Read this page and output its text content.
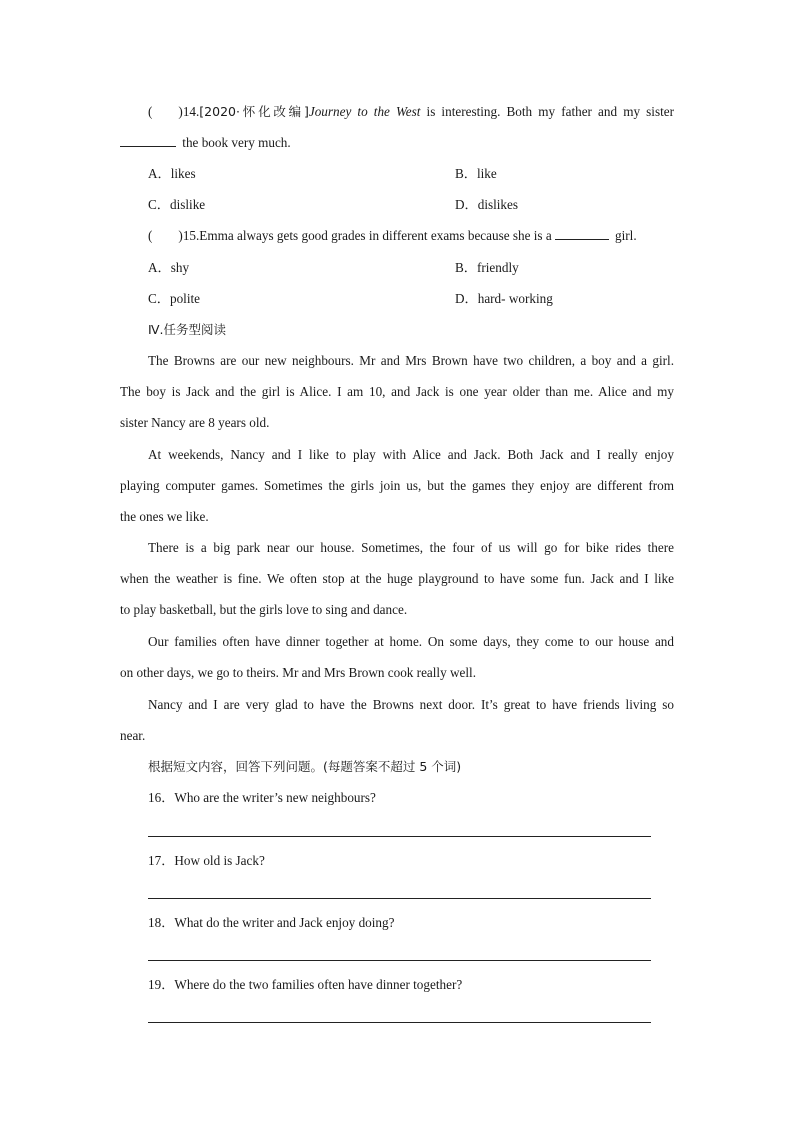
( )14.[2020·怀化改编]Journey to the West is interesting. Both my father and my sister
the book very much.
A．likes	B．like
C．dislike	D．dislikes
( )15.Emma always gets good grades in different exams because she is a	girl.
A．shy	B．friendly
C．polite	D．hard- working
Ⅳ.任务型阅读
The Browns are our new neighbours. Mr and Mrs Brown have two children, a boy and a girl.
The boy is Jack and the girl is Alice. I am 10, and Jack is one year older than me. Alice and my
sister Nancy are 8 years old.
At weekends, Nancy and I like to play with Alice and Jack. Both Jack and I really enjoy
playing computer games. Sometimes the girls join us, but the games they enjoy are different from
the ones we like.
There is a big park near our house. Sometimes, the four of us will go for bike rides there
when the weather is fine. We often stop at the huge playground to have some fun. Jack and I like
to play basketball, but the girls love to sing and dance.
Our families often have dinner together at home. On some days, they come to our house and
on other days, we go to theirs. Mr and Mrs Brown cook really well.
Nancy and I are very glad to have the Browns next door. It’s great to have friends living so
near.
根据短文内容，回答下列问题。(每题答案不超过 5 个词)
16．Who are the writer’s new neighbours?
17．How old is Jack?
18．What do the writer and Jack enjoy doing?
19．Where do the two families often have dinner together?
